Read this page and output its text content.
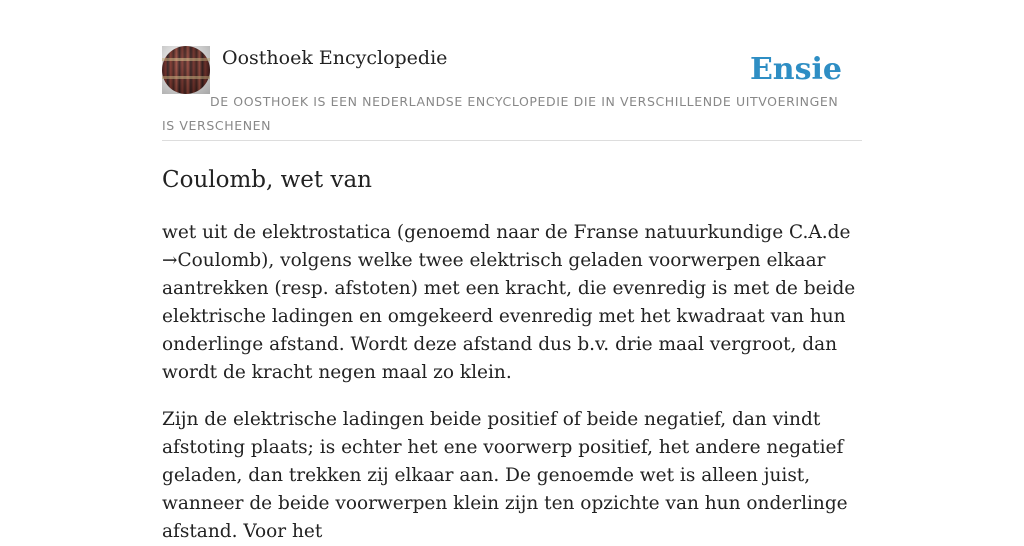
Oosthoek Encyclopedie	Ensie
DE OOSTHOEK IS EEN NEDERLANDSE ENCYCLOPEDIE DIE IN VERSCHILLENDE UITVOERINGEN IS VERSCHENEN
Coulomb, wet van

wet uit de elektrostatica (genoemd naar de Franse natuurkundige C.A.de →Coulomb), volgens welke twee elektrisch geladen voorwerpen elkaar aantrekken (resp. afstoten) met een kracht, die evenredig is met de beide elektrische ladingen en omgekeerd evenredig met het kwadraat van hun onderlinge afstand. Wordt deze afstand dus b.v. drie maal vergroot, dan wordt de kracht negen maal zo klein.

Zijn de elektrische ladingen beide positief of beide negatief, dan vindt afstoting plaats; is echter het ene voorwerp positief, het andere negatief geladen, dan trekken zij elkaar aan. De genoemde wet is alleen juist, wanneer de beide voorwerpen klein zijn ten opzichte van hun onderlinge afstand. Voor het
